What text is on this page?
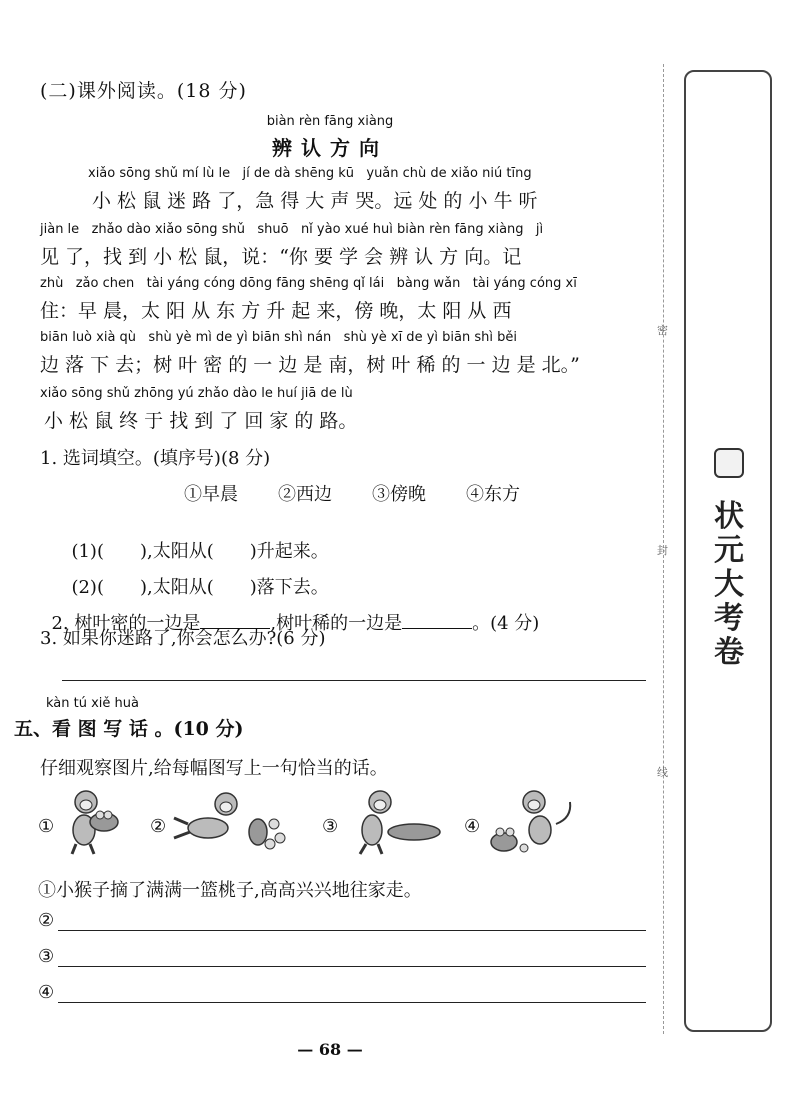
(二)课外阅读。(18 分)
biàn rèn fāng xiàng
辨认方向
xiǎo sōng shǔ mí lù le   jí de dà shēng kū   yuǎn chù de xiǎo niú tīng
小 松 鼠 迷 路 了，急 得 大 声 哭。远 处 的 小 牛 听
jiàn le   zhǎo dào xiǎo sōng shǔ   shuō   nǐ yào xué huì biàn rèn fāng xiàng   jì
见 了，找 到 小 松 鼠，说：“你 要 学 会 辨 认 方 向。记
zhù   zǎo chen   tài yáng cóng dōng fāng shēng qǐ lái   bàng wǎn   tài yáng cóng xī
住：早 晨，太 阳 从 东 方 升 起 来，傍 晚，太 阳 从 西
biān luò xià qù   shù yè mì de yì biān shì nán   shù yè xī de yì biān shì běi
边 落 下 去；树 叶 密 的 一 边 是 南，树 叶 稀 的 一 边 是 北。”
xiǎo sōng shǔ zhōng yú zhǎo dào le huí jiā de lù
小 松 鼠 终 于 找 到 了 回 家 的 路。
1. 选词填空。(填序号)(8 分)
①早晨 ②西边 ③傍晚 ④东方

(1)( ),太阳从( )升起来。

(2)( ),太阳从( )落下去。

2. 树叶密的一边是	,树叶稀的一边是	。(4 分)

3. 如果你迷路了,你会怎么办?(6 分)
kàn tú xiě huà
五、看 图 写 话 。(10 分)
仔细观察图片,给每幅图写上一句恰当的话。
①	②	③	④
①小猴子摘了满满一篮桃子,高高兴兴地往家走。
②
③
④
— 68 —
密
封
线
状元大考卷
